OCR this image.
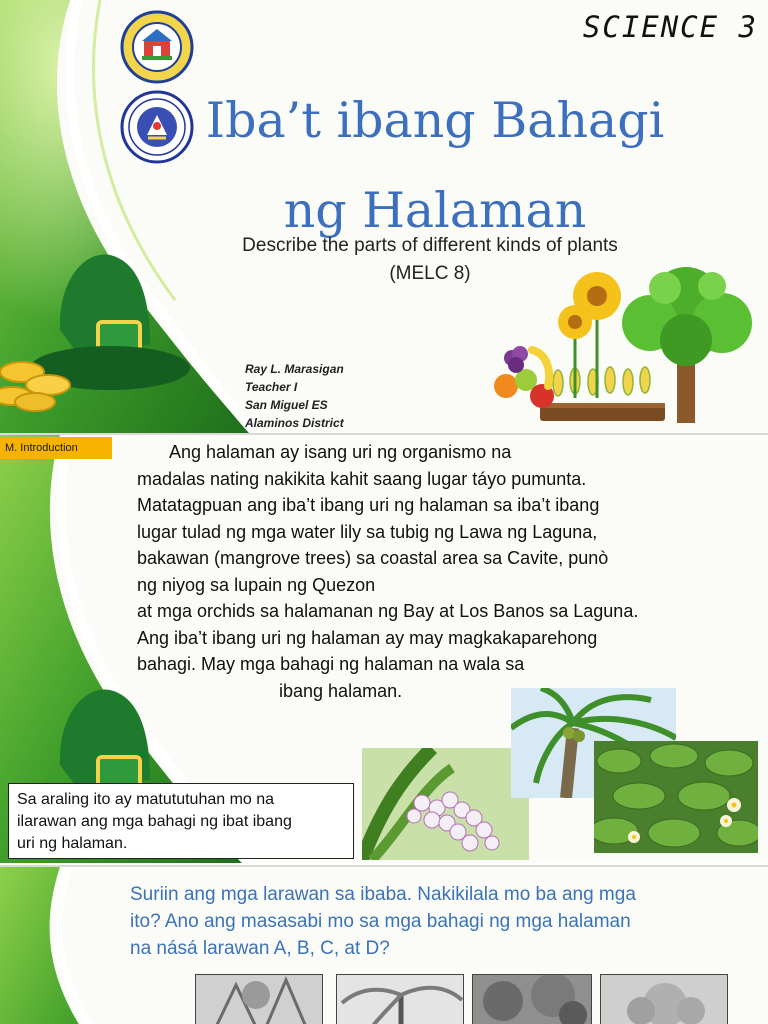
SCIENCE 3
Iba’t ibang Bahagi
ng Halaman
Describe the parts of different kinds of plants
(MELC 8)
Ray L. Marasigan
Teacher I
San Miguel ES
Alaminos District
M. Introduction	Ang halaman ay isang uri ng organismo na
madalas nating nakikita kahit saang lugar táyo pumunta.
Matatagpuan ang iba’t ibang uri ng halaman sa iba’t ibang
lugar tulad ng mga water lily sa tubig ng Lawa ng Laguna,
bakawan (mangrove trees) sa coastal area sa Cavite, punò
ng niyog sa lupain ng Quezon
at mga orchids sa halamanan ng Bay at Los Banos sa Laguna.
Ang iba’t ibang uri ng halaman ay may magkakaparehong
bahagi. May mga bahagi ng halaman na wala sa
ibang halaman.
Sa araling ito ay matututuhan mo na
ilarawan ang mga bahagi ng ibat ibang
uri ng halaman.
Suriin ang mga larawan sa ibaba. Nakikilala mo ba ang mga
ito? Ano ang masasabi mo sa mga bahagi ng mga halaman
na násá larawan A, B, C, at D?
